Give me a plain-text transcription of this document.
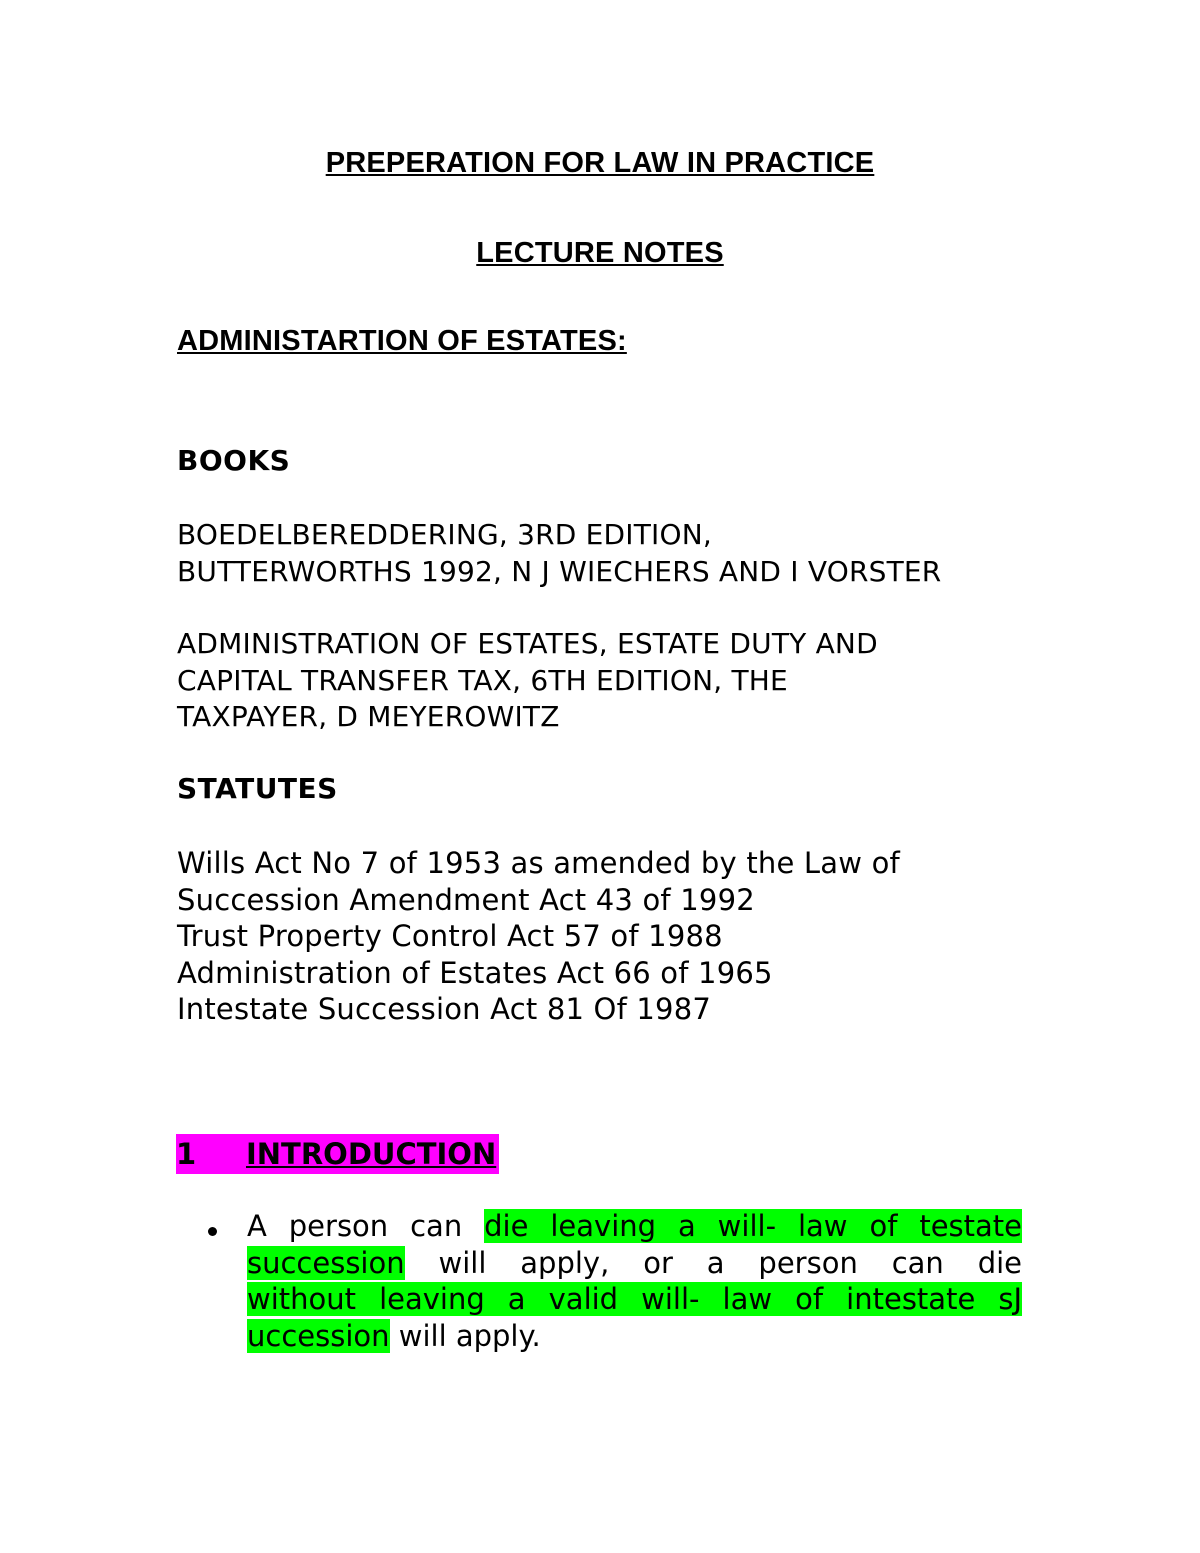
PREPERATION FOR LAW IN PRACTICE
LECTURE NOTES
ADMINISTARTION OF ESTATES:
BOOKS
BOEDELBEREDDERING, 3RD EDITION,
BUTTERWORTHS 1992, N J WIECHERS AND I VORSTER
ADMINISTRATION OF ESTATES, ESTATE DUTY AND
CAPITAL TRANSFER TAX, 6TH EDITION, THE
TAXPAYER, D MEYEROWITZ
STATUTES
Wills Act No 7 of 1953 as amended by the Law of
Succession Amendment Act 43 of 1992
Trust Property Control Act 57 of 1988
Administration of Estates Act 66 of 1965
Intestate Succession Act 81 Of 1987
1 INTRODUCTION
A person can die leaving a will- law of testate
succession will apply, or a person can die
without leaving a valid will- law of intestate sJ
uccession will apply.
